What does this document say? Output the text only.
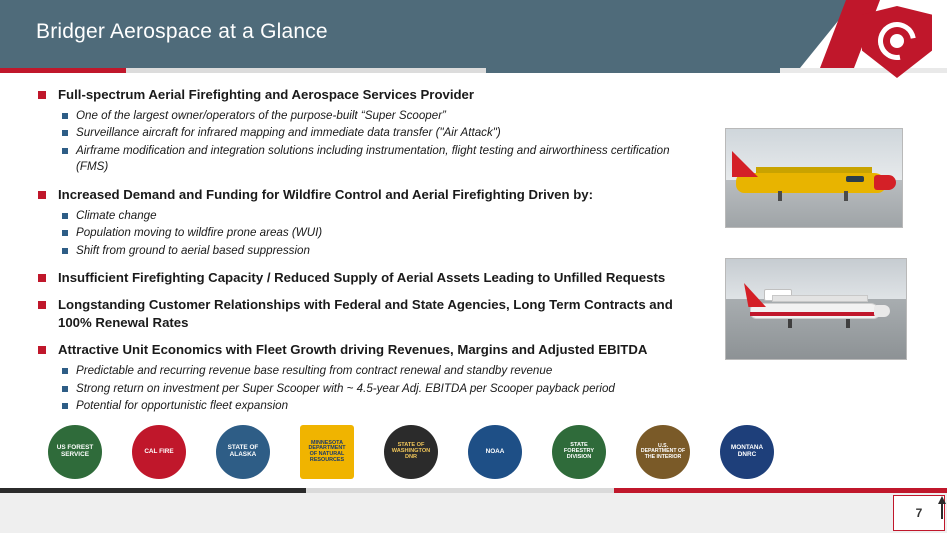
Bridger Aerospace at a Glance
Full-spectrum Aerial Firefighting and Aerospace Services Provider
One of the largest owner/operators of the purpose-built “Super Scooper”
Surveillance aircraft for infrared mapping and immediate data transfer ("Air Attack")
Airframe modification and integration solutions including instrumentation, flight testing and airworthiness certification (FMS)
Increased Demand and Funding for Wildfire Control and Aerial Firefighting Driven by:
Climate change
Population moving to wildfire prone areas (WUI)
Shift from ground to aerial based suppression
Insufficient Firefighting Capacity / Reduced Supply of Aerial Assets Leading to Unfilled Requests
Longstanding Customer Relationships with Federal and State Agencies, Long Term Contracts and 100% Renewal Rates
Attractive Unit Economics with Fleet Growth driving Revenues, Margins and Adjusted EBITDA
Predictable and recurring revenue base resulting from contract renewal and standby revenue
Strong return on investment per Super Scooper with ~ 4.5-year Adj. EBITDA per Scooper payback period
Potential for opportunistic fleet expansion
US FOREST SERVICE	CAL FIRE	STATE OF ALASKA
MINNESOTA DEPARTMENT OF NATURAL RESOURCES
STATE OF WASHINGTON DNR
NOAA
STATE FORESTRY DIVISION
U.S. DEPARTMENT OF THE INTERIOR
MONTANA DNRC
7
